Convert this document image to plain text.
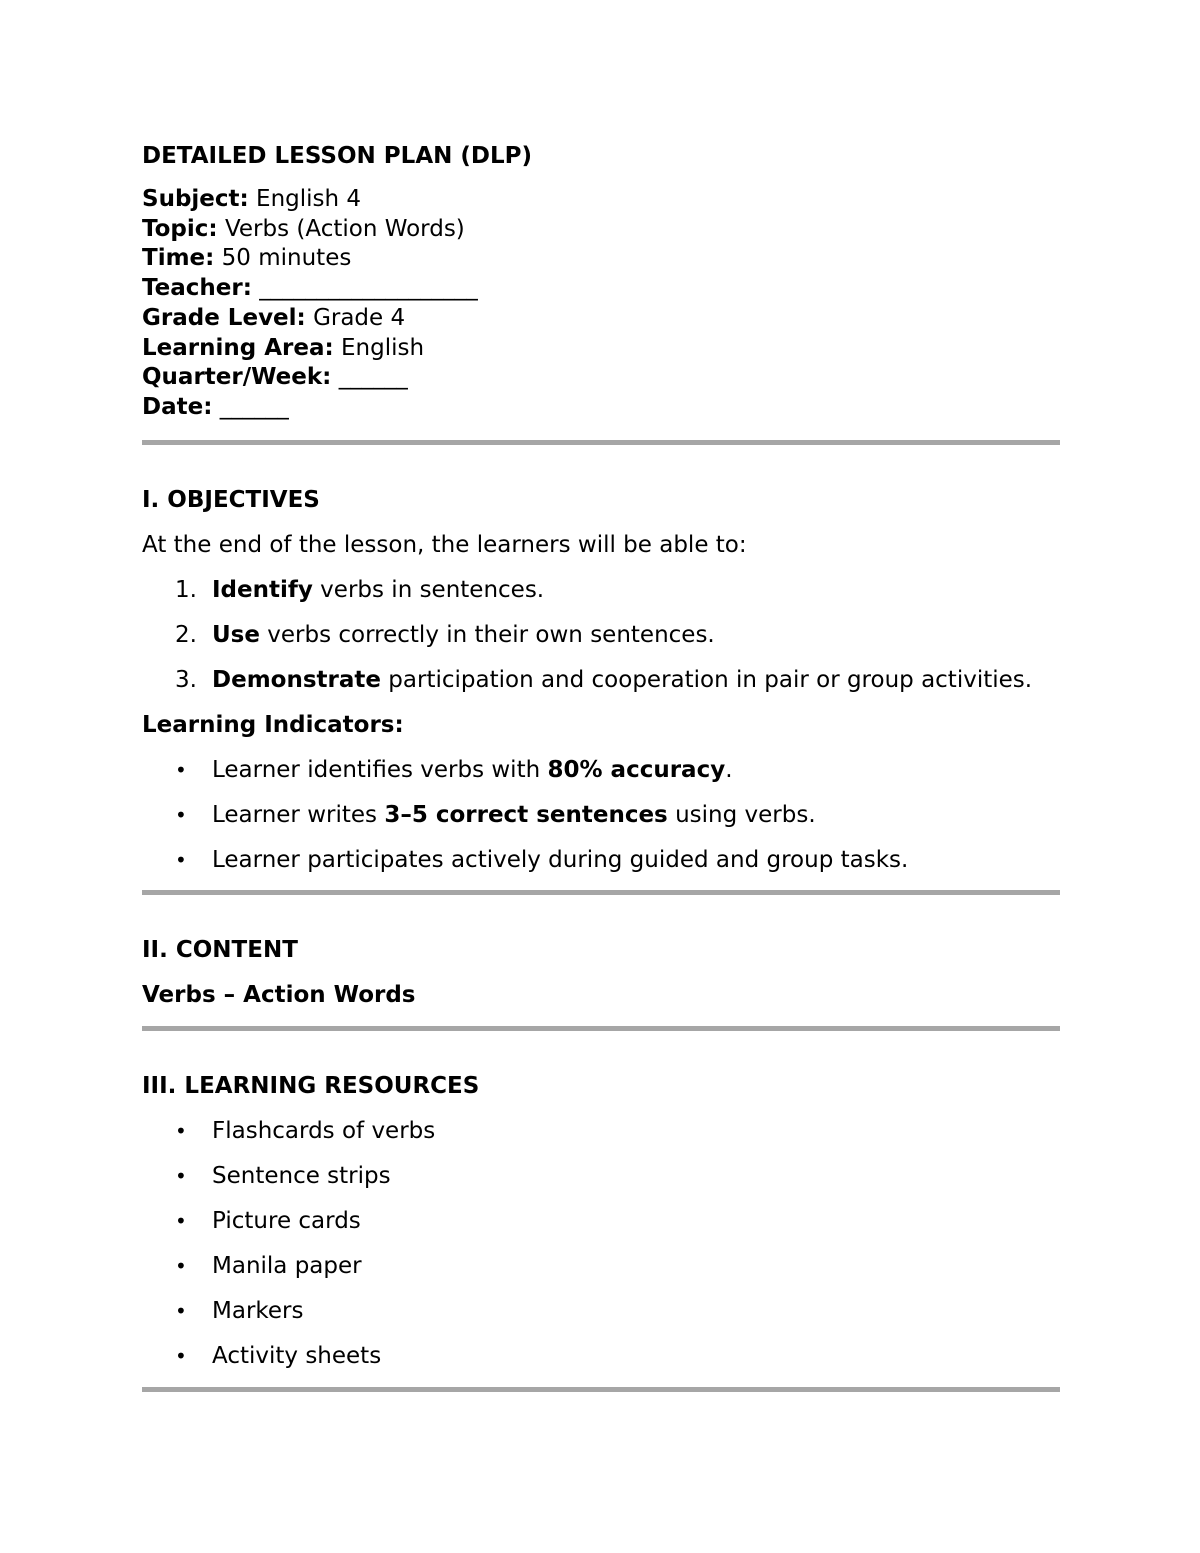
DETAILED LESSON PLAN (DLP)
Subject: English 4
Topic: Verbs (Action Words)
Time: 50 minutes
Teacher: ___________________
Grade Level: Grade 4
Learning Area: English
Quarter/Week: ______
Date: ______
I. OBJECTIVES
At the end of the lesson, the learners will be able to:
1. Identify verbs in sentences.
2. Use verbs correctly in their own sentences.
3. Demonstrate participation and cooperation in pair or group activities.
Learning Indicators:
• Learner identifies verbs with 80% accuracy.
• Learner writes 3–5 correct sentences using verbs.
• Learner participates actively during guided and group tasks.
II. CONTENT
Verbs – Action Words
III. LEARNING RESOURCES
• Flashcards of verbs
• Sentence strips
• Picture cards
• Manila paper
• Markers
• Activity sheets
